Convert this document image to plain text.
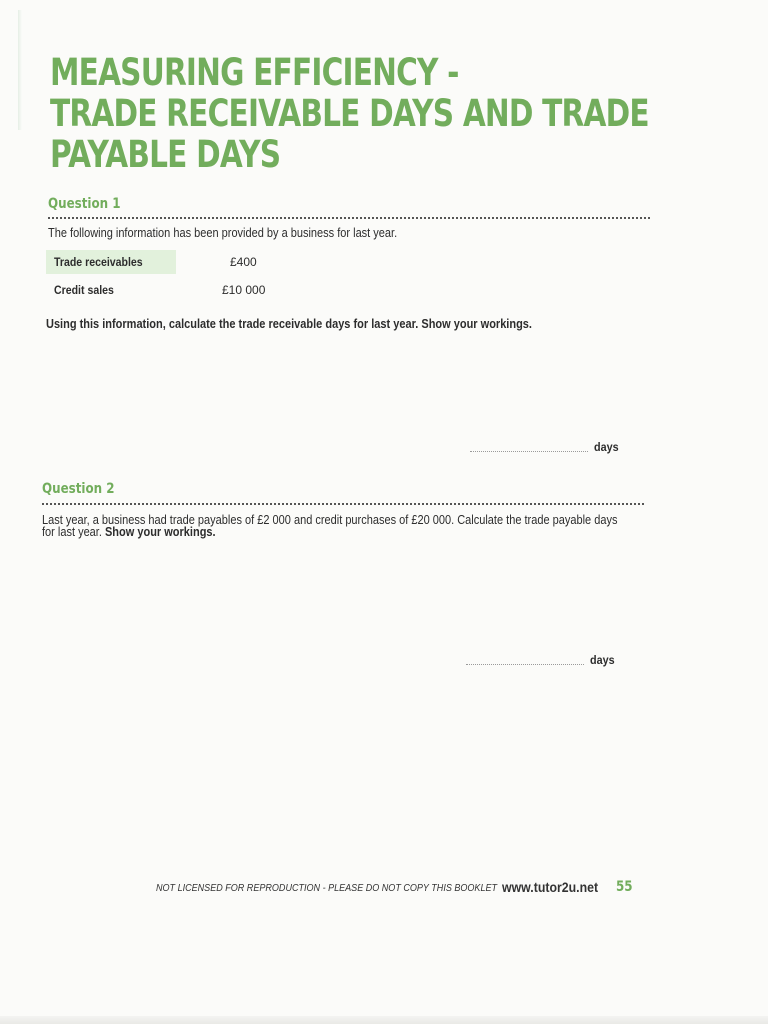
MEASURING EFFICIENCY -
TRADE RECEIVABLE DAYS AND TRADE
PAYABLE DAYS
Question 1
The following information has been provided by a business for last year.
Trade receivables	£400
Credit sales	£10 000
Using this information, calculate the trade receivable days for last year. Show your workings.
days
Question 2
Last year, a business had trade payables of £2 000 and credit purchases of £20 000. Calculate the trade payable days
for last year. Show your workings.
days
NOT LICENSED FOR REPRODUCTION - PLEASE DO NOT COPY THIS BOOKLET www.tutor2u.net 55
